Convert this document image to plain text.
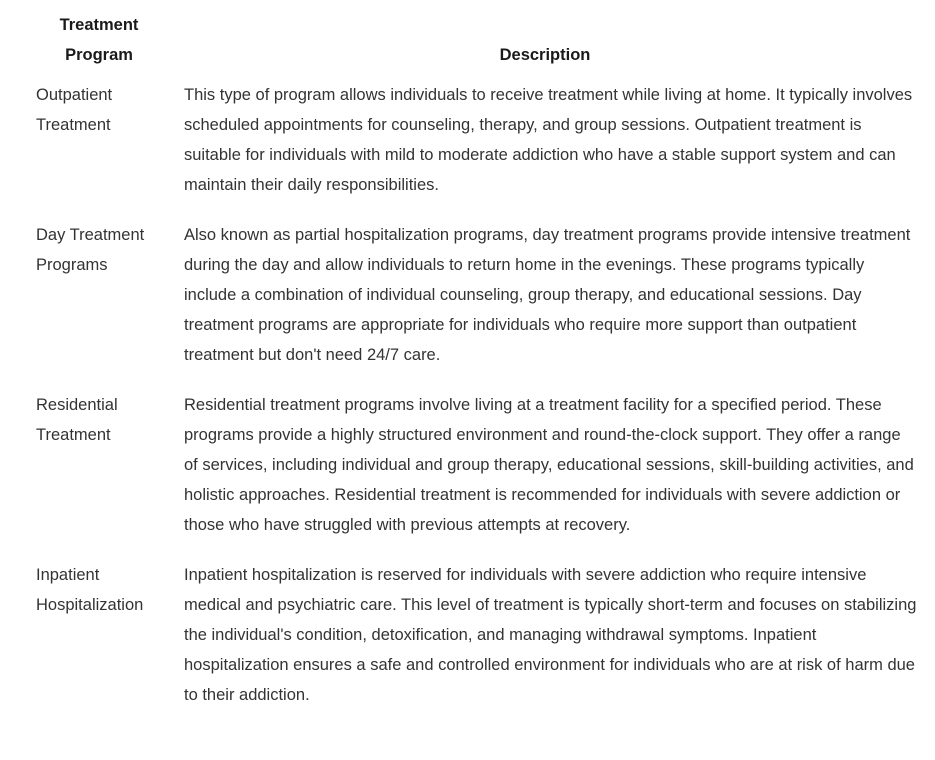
Treatment Program	Description
Outpatient Treatment	This type of program allows individuals to receive treatment while living at home. It typically involves scheduled appointments for counseling, therapy, and group sessions. Outpatient treatment is suitable for individuals with mild to moderate addiction who have a stable support system and can maintain their daily responsibilities.
Day Treatment Programs	Also known as partial hospitalization programs, day treatment programs provide intensive treatment during the day and allow individuals to return home in the evenings. These programs typically include a combination of individual counseling, group therapy, and educational sessions. Day treatment programs are appropriate for individuals who require more support than outpatient treatment but don't need 24/7 care.
Residential Treatment	Residential treatment programs involve living at a treatment facility for a specified period. These programs provide a highly structured environment and round-the-clock support. They offer a range of services, including individual and group therapy, educational sessions, skill-building activities, and holistic approaches. Residential treatment is recommended for individuals with severe addiction or those who have struggled with previous attempts at recovery.
Inpatient Hospitalization	Inpatient hospitalization is reserved for individuals with severe addiction who require intensive medical and psychiatric care. This level of treatment is typically short-term and focuses on stabilizing the individual's condition, detoxification, and managing withdrawal symptoms. Inpatient hospitalization ensures a safe and controlled environment for individuals who are at risk of harm due to their addiction.
